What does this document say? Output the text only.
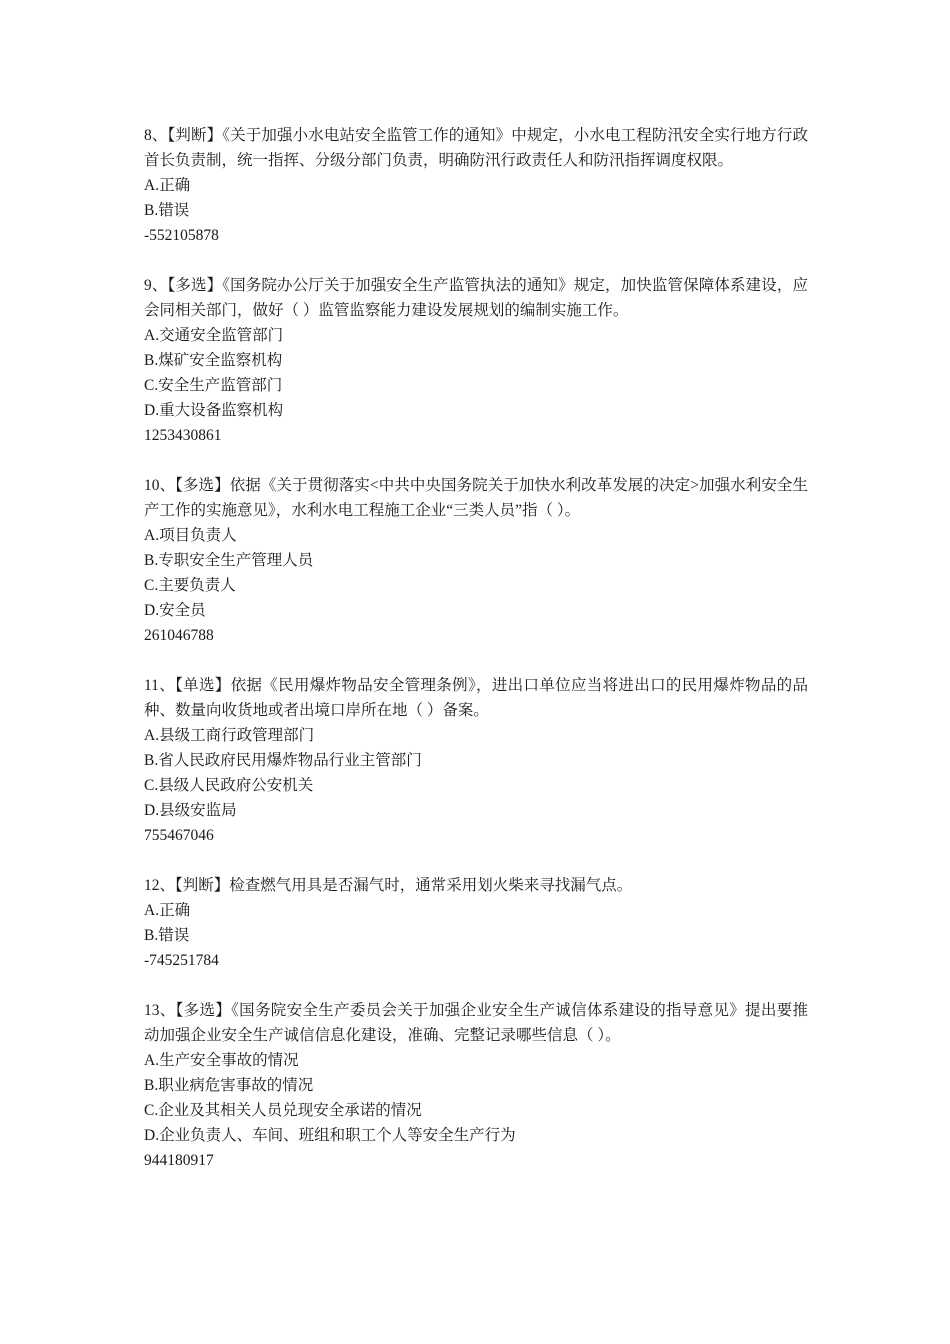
8、【判断】《关于加强小水电站安全监管工作的通知》中规定，小水电工程防汛安全实行地方行政首长负责制，统一指挥、分级分部门负责，明确防汛行政责任人和防汛指挥调度权限。

A.正确

B.错误

-552105878

9、【多选】《国务院办公厅关于加强安全生产监管执法的通知》规定，加快监管保障体系建设，应会同相关部门，做好（ ）监管监察能力建设发展规划的编制实施工作。

A.交通安全监管部门

B.煤矿安全监察机构

C.安全生产监管部门

D.重大设备监察机构

1253430861

10、【多选】依据《关于贯彻落实<中共中央国务院关于加快水利改革发展的决定>加强水利安全生产工作的实施意见》，水利水电工程施工企业“三类人员”指（ ）。

A.项目负责人

B.专职安全生产管理人员

C.主要负责人

D.安全员

261046788

11、【单选】依据《民用爆炸物品安全管理条例》，进出口单位应当将进出口的民用爆炸物品的品种、数量向收货地或者出境口岸所在地（ ）备案。

A.县级工商行政管理部门

B.省人民政府民用爆炸物品行业主管部门

C.县级人民政府公安机关

D.县级安监局

755467046

12、【判断】检查燃气用具是否漏气时，通常采用划火柴来寻找漏气点。

A.正确

B.错误

-745251784

13、【多选】《国务院安全生产委员会关于加强企业安全生产诚信体系建设的指导意见》提出要推动加强企业安全生产诚信信息化建设，准确、完整记录哪些信息（ ）。

A.生产安全事故的情况

B.职业病危害事故的情况

C.企业及其相关人员兑现安全承诺的情况

D.企业负责人、车间、班组和职工个人等安全生产行为

944180917
